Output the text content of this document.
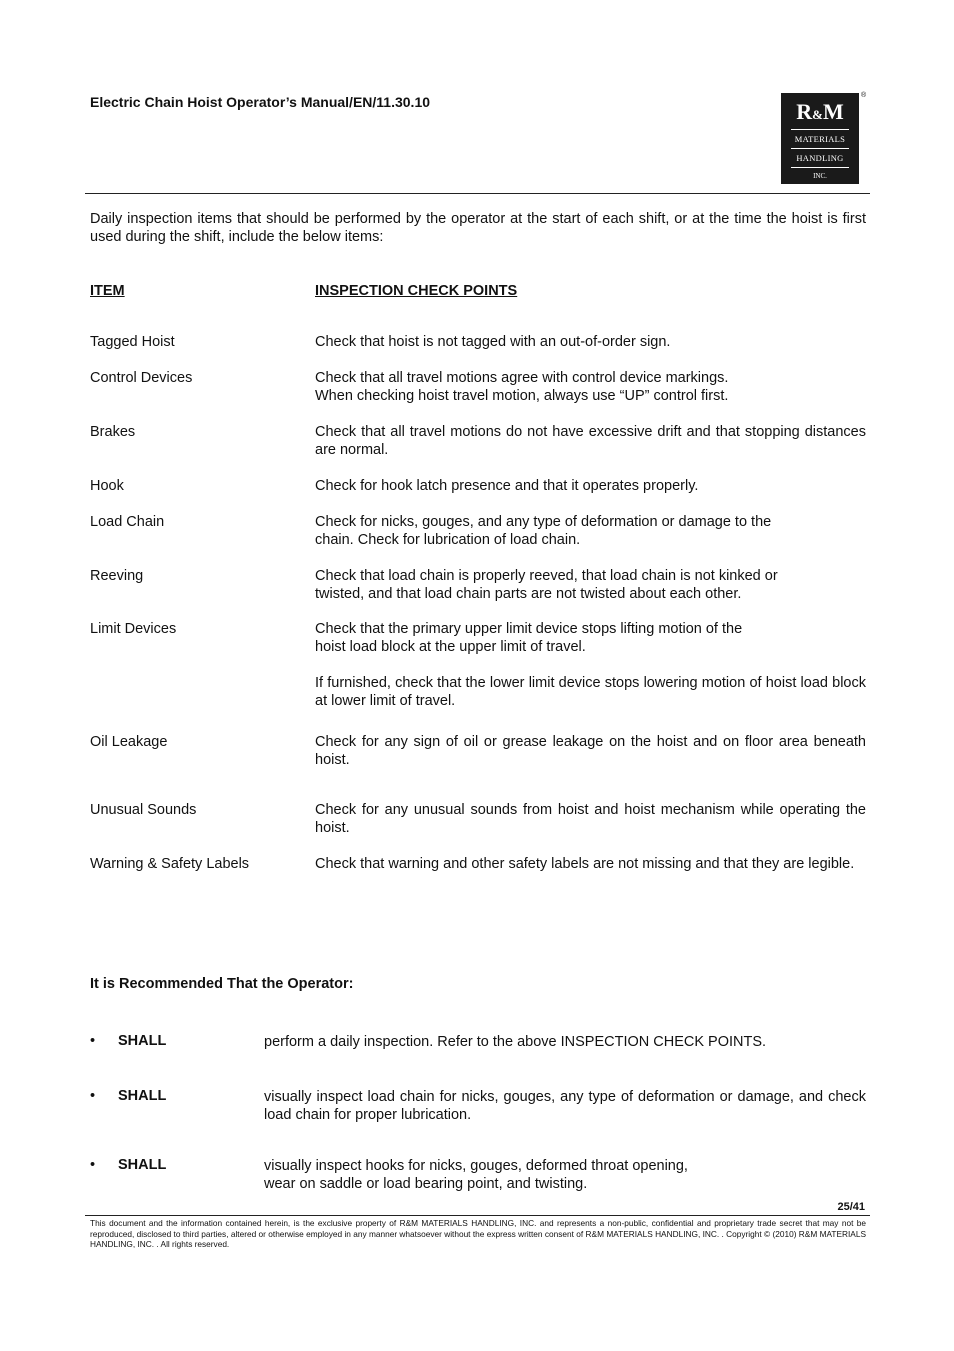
Electric Chain Hoist Operator’s Manual/EN/11.30.10	R&M
MATERIALS
HANDLING
INC.
®
Daily inspection items that should be performed by the operator at the start of each shift, or at the time the hoist is first used during the shift, include the below items:
ITEM	INSPECTION CHECK POINTS
Tagged Hoist	Check that hoist is not tagged with an out-of-order sign.
Control Devices	Check that all travel motions agree with control device markings.
When checking hoist travel motion, always use “UP” control first.
Brakes	Check that all travel motions do not have excessive drift and that stopping distances are normal.
Hook	Check for hook latch presence and that it operates properly.
Load Chain	Check for nicks, gouges, and any type of deformation or damage to the
chain. Check for lubrication of load chain.
Reeving	Check that load chain is properly reeved, that load chain is not kinked or
twisted, and that load chain parts are not twisted about each other.
Limit Devices	Check that the primary upper limit device stops lifting motion of the
hoist load block at the upper limit of travel.
If furnished, check that the lower limit device stops lowering motion of hoist load block at lower limit of travel.
Oil Leakage	Check for any sign of oil or grease leakage on the hoist and on floor area beneath hoist.
Unusual Sounds	Check for any unusual sounds from hoist and hoist mechanism while operating the hoist.
Warning & Safety Labels	Check that warning and other safety labels are not missing and that they are legible.
It is Recommended That the Operator:
• SHALL	perform a daily inspection. Refer to the above INSPECTION CHECK POINTS.
• SHALL	visually inspect load chain for nicks, gouges, any type of deformation or damage, and check load chain for proper lubrication.
• SHALL	visually inspect hooks for nicks, gouges, deformed throat opening,
wear on saddle or load bearing point, and twisting.
25/41
This document and the information contained herein, is the exclusive property of R&M MATERIALS HANDLING, INC. and represents a non-public, confidential and proprietary trade secret that may not be reproduced, disclosed to third parties, altered or otherwise employed in any manner whatsoever without the express written consent of R&M MATERIALS HANDLING, INC. . Copyright © (2010) R&M MATERIALS HANDLING, INC. . All rights reserved.
